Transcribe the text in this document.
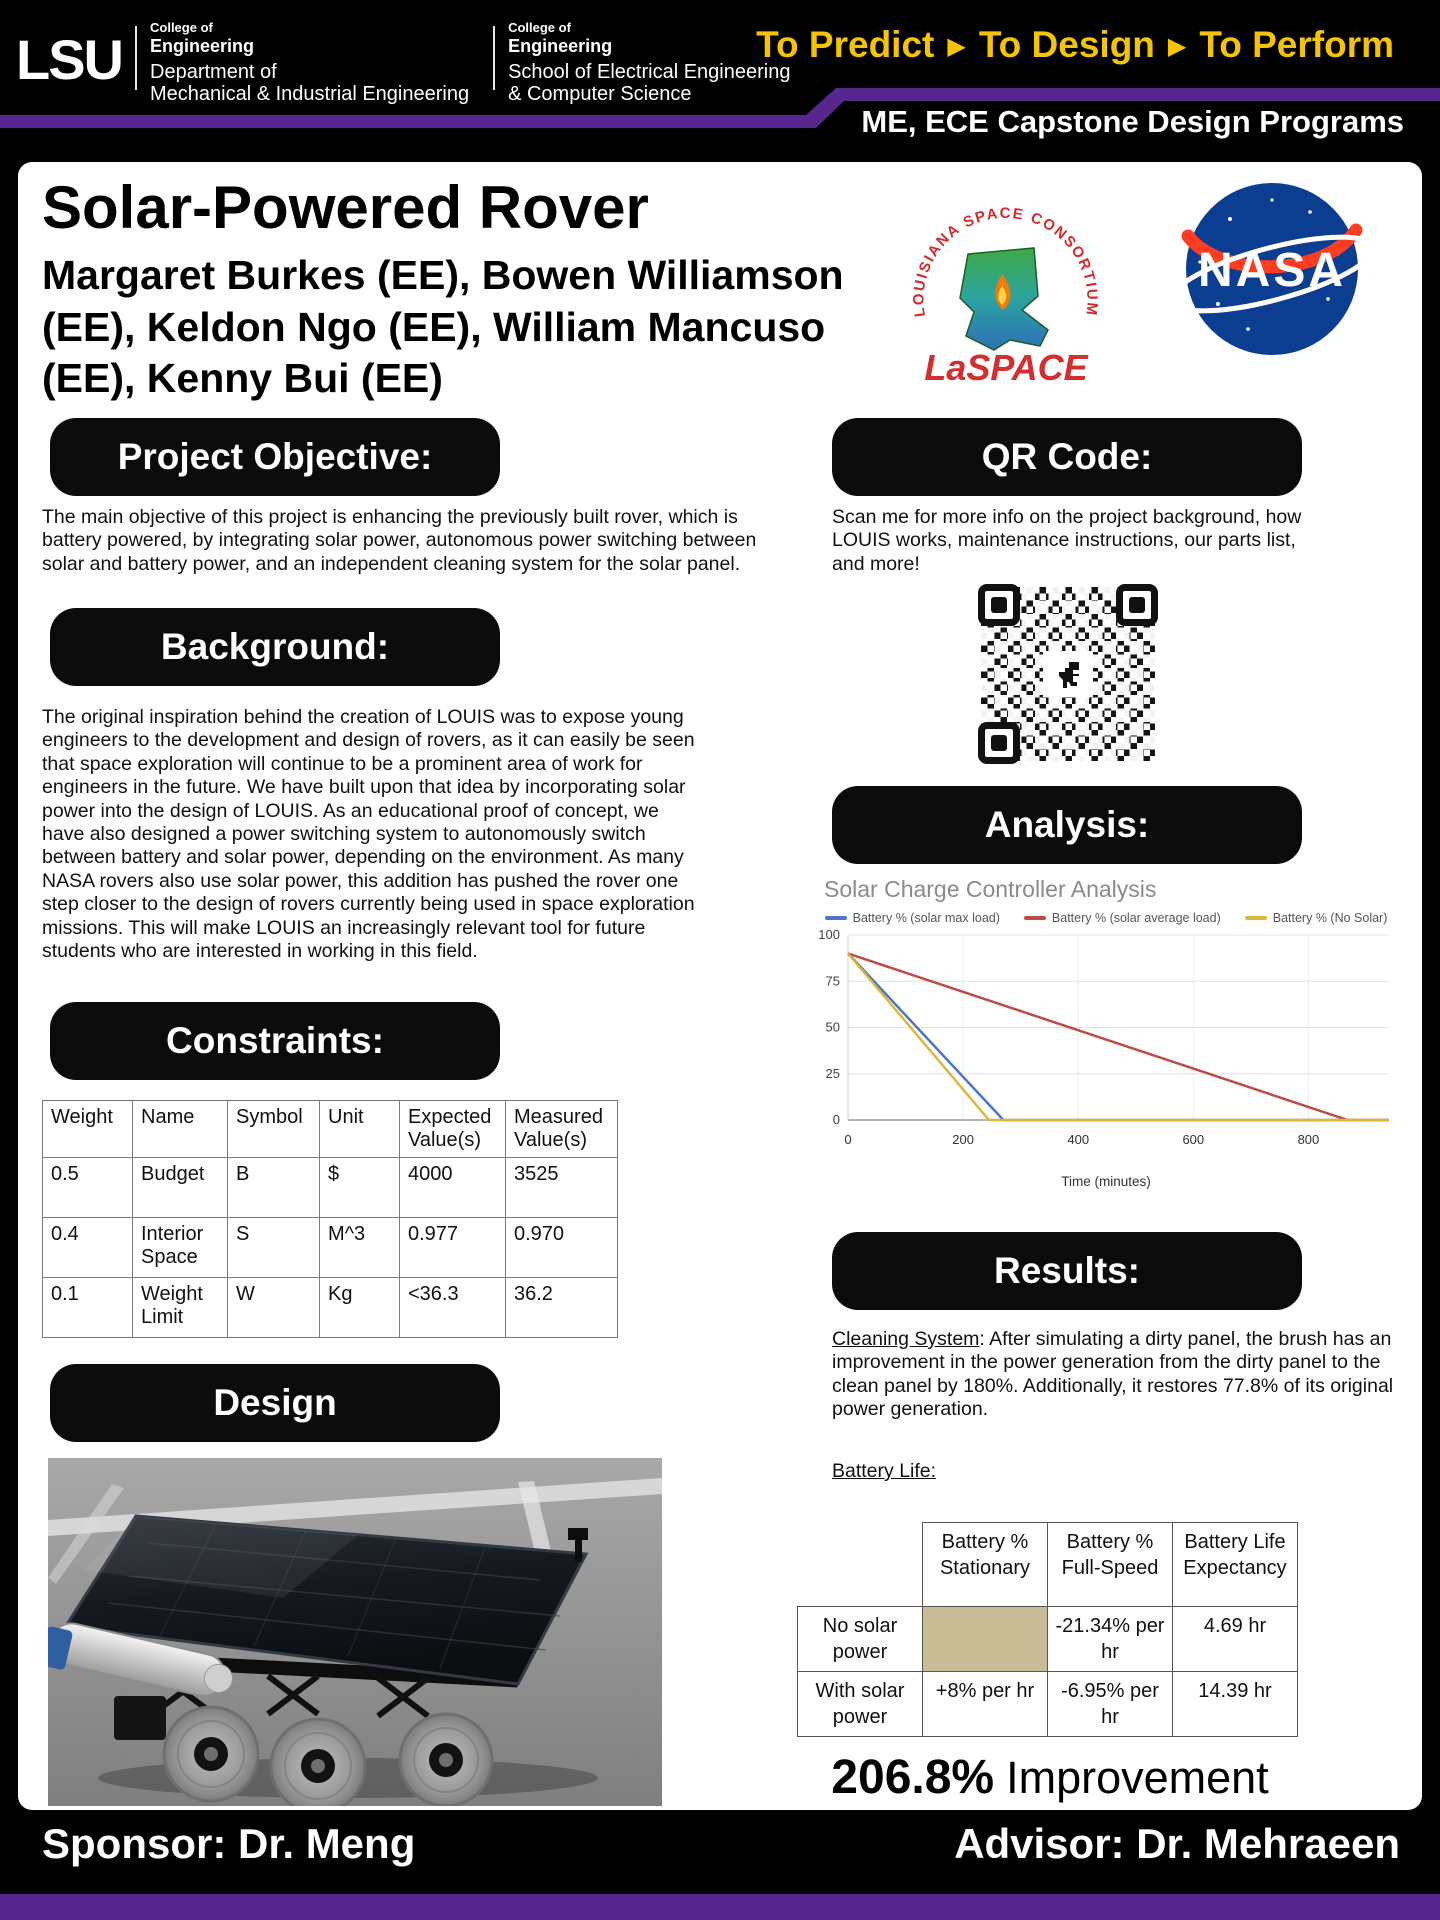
LSU
College of
Engineering
Department of
Mechanical & Industrial Engineering
College of
Engineering
School of Electrical Engineering
& Computer Science
To Predict ▶ To Design ▶ To Perform
ME, ECE Capstone Design Programs
Solar-Powered Rover
Margaret Burkes (EE), Bowen Williamson (EE), Keldon Ngo (EE), William Mancuso (EE), Kenny Bui (EE)
LOUISIANA SPACE CONSORTIUM
LaSPACE
NASA
Project Objective:
The main objective of this project is enhancing the previously built rover, which is battery powered, by integrating solar power, autonomous power switching between solar and battery power, and an independent cleaning system for the solar panel.
Background:
The original inspiration behind the creation of LOUIS was to expose young engineers to the development and design of rovers, as it can easily be seen that space exploration will continue to be a prominent area of work for engineers in the future. We have built upon that idea by incorporating solar power into the design of LOUIS. As an educational proof of concept, we have also designed a power switching system to autonomously switch between battery and solar power, depending on the environment. As many NASA rovers also use solar power, this addition has pushed the rover one step closer to the design of rovers currently being used in space exploration missions. This will make LOUIS an increasingly relevant tool for future students who are interested in working in this field.
Constraints:
Weight	Name	Symbol	Unit	Expected Value(s)	Measured Value(s)
0.5	Budget	B	$	4000	3525
0.4	Interior Space	S	M^3	0.977	0.970
0.1	Weight Limit	W	Kg	<36.3	36.2
Design
QR Code:
Scan me for more info on the project background, how LOUIS works, maintenance instructions, our parts list, and more!
Analysis:
Solar Charge Controller Analysis
Battery % (solar max load)	Battery % (solar average load)	Battery % (No Solar)
0	200	400	600	800
0
25
50
75
100
Time (minutes)
Results:
Cleaning System: After simulating a dirty panel, the brush has an improvement in the power generation from the dirty panel to the clean panel by 180%. Additionally, it restores 77.8% of its original power generation.
Battery Life:
	Battery % Stationary	Battery % Full-Speed	Battery Life Expectancy
No solar power		-21.34% per hr	4.69 hr
With solar power	+8% per hr	-6.95% per hr	14.39 hr
206.8% Improvement
Sponsor: Dr. Meng	Advisor: Dr. Mehraeen
